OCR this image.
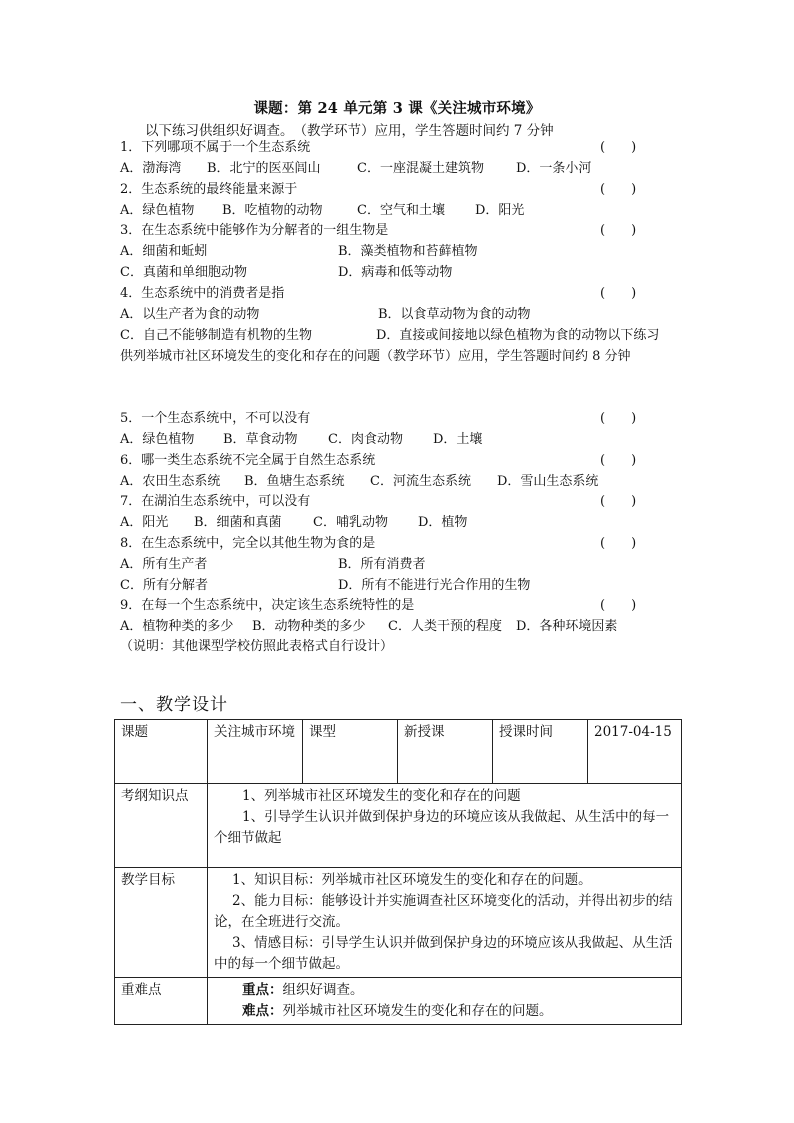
课题：第 24 单元第 3 课《关注城市环境》
以下练习供组织好调查。　（教学环节）应用，学生答题时间约 7 分钟
1．下列哪项不属于一个生态系统	(　　)
A．渤海湾 B．北宁的医巫闾山	C．一座混凝土建筑物 D．一条小河
2．生态系统的最终能量来源于	(　　)
A．绿色植物 B．吃植物的动物	C．空气和土壤 D．阳光
3．在生态系统中能够作为分解者的一组生物是	(　　)
A．细菌和蚯蚓	B．藻类植物和苔藓植物
C．真菌和单细胞动物	D．病毒和低等动物
4．生态系统中的消费者是指	(　　)
A．以生产者为食的动物	B．以食草动物为食的动物
C．自己不能够制造有机物的生物	D．直接或间接地以绿色植物为食的动物以下练习
供列举城市社区环境发生的变化和存在的问题（教学环节）应用，学生答题时间约 8 分钟
5．一个生态系统中，不可以没有	(　　)
A．绿色植物 B．草食动物 C．肉食动物 D．土壤
6．哪一类生态系统不完全属于自然生态系统	(　　)
A．农田生态系统 B．鱼塘生态系统 C．河流生态系统 D．雪山生态系统
7．在湖泊生态系统中，可以没有	(　　)
A．阳光 B．细菌和真菌 C．哺乳动物 D．植物
8．在生态系统中，完全以其他生物为食的是	(　　)
A．所有生产者	B．所有消费者
C．所有分解者	D．所有不能进行光合作用的生物
9．在每一个生态系统中，决定该生态系统特性的是	(　　)
A．植物种类的多少 B．动物种类的多少 C．人类干预的程度 D．各种环境因素
（说明：其他课型学校仿照此表格式自行设计）
一、教学设计
课题	关注城市环境	课型	新授课	授课时间	2017-04-15
考纲知识点	1、列举城市社区环境发生的变化和存在的问题
1、引导学生认识并做到保护身边的环境应该从我做起、从生活中的每一个细节做起				

教学目标	1、知识目标：列举城市社区环境发生的变化和存在的问题。
2、能力目标：能够设计并实施调查社区环境变化的活动，并得出初步的结论，在全班进行交流。
3、情感目标：引导学生认识并做到保护身边的环境应该从我做起、从生活中的每一个细节做起。				

重难点	重点：组织好调查。
难点：列举城市社区环境发生的变化和存在的问题。				
